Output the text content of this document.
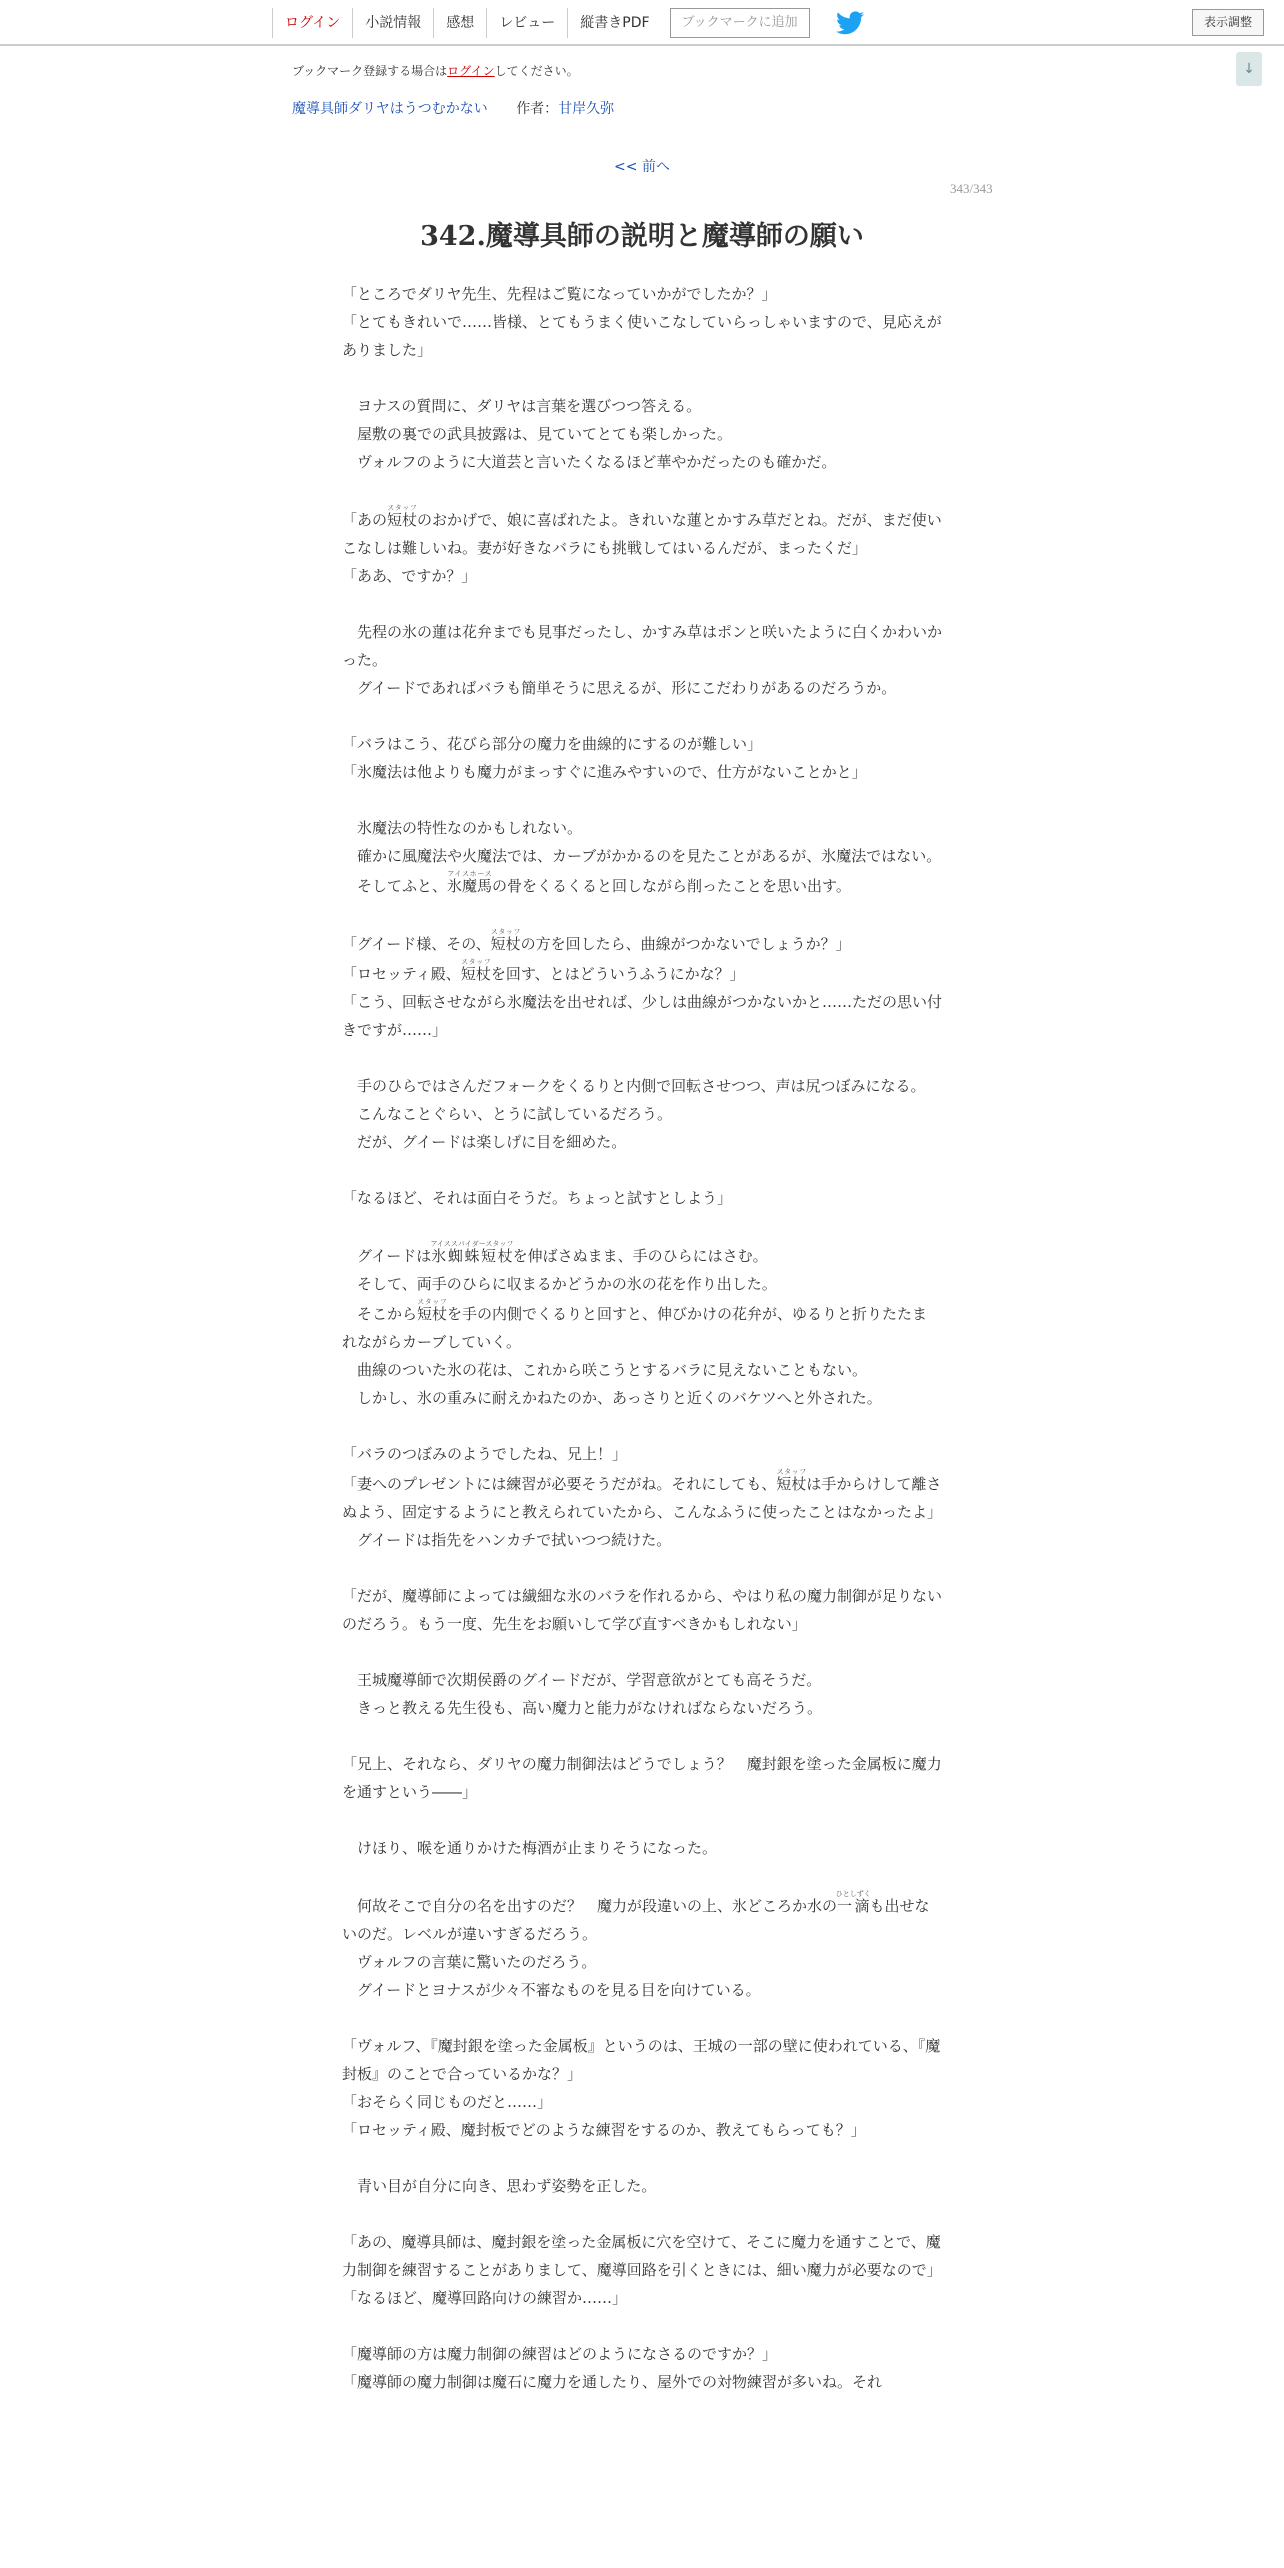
ログイン	小説情報	感想	レビュー	縦書きPDF	ブックマークに追加	表示調整
↓
ブックマーク登録する場合はログインしてください。
魔導具師ダリヤはうつむかない 作者：甘岸久弥
<< 前へ
343/343
342.魔導具師の説明と魔導師の願い

「ところでダリヤ先生、先程はご覧になっていかがでしたか？」

「とてもきれいで……皆様、とてもうまく使いこなしていらっしゃいますので、見応えがありました」

　ヨナスの質問に、ダリヤは言葉を選びつつ答える。

　屋敷の裏での武具披露は、見ていてとても楽しかった。

　ヴォルフのように大道芸と言いたくなるほど華やかだったのも確かだ。

「あの短杖スタッフのおかげで、娘に喜ばれたよ。きれいな蓮とかすみ草だとね。だが、まだ使いこなしは難しいね。妻が好きなバラにも挑戦してはいるんだが、まったくだ」

「ああ、ですか？」

　先程の氷の蓮は花弁までも見事だったし、かすみ草はポンと咲いたように白くかわいかった。

　グイードであればバラも簡単そうに思えるが、形にこだわりがあるのだろうか。

「バラはこう、花びら部分の魔力を曲線的にするのが難しい」

「氷魔法は他よりも魔力がまっすぐに進みやすいので、仕方がないことかと」

　氷魔法の特性なのかもしれない。

　確かに風魔法や火魔法では、カーブがかかるのを見たことがあるが、氷魔法ではない。

　そしてふと、氷魔馬アイスホースの骨をくるくると回しながら削ったことを思い出す。

「グイード様、その、短杖スタッフの方を回したら、曲線がつかないでしょうか？」

「ロセッティ殿、短杖スタッフを回す、とはどういうふうにかな？」

「こう、回転させながら氷魔法を出せれば、少しは曲線がつかないかと……ただの思い付きですが……」

　手のひらではさんだフォークをくるりと内側で回転させつつ、声は尻つぼみになる。

　こんなことぐらい、とうに試しているだろう。

　だが、グイードは楽しげに目を細めた。

「なるほど、それは面白そうだ。ちょっと試すとしよう」

　グイードは氷蜘蛛短杖アイススパイダースタッフを伸ばさぬまま、手のひらにはさむ。

　そして、両手のひらに収まるかどうかの氷の花を作り出した。

　そこから短杖スタッフを手の内側でくるりと回すと、伸びかけの花弁が、ゆるりと折りたたまれながらカーブしていく。

　曲線のついた氷の花は、これから咲こうとするバラに見えないこともない。

　しかし、氷の重みに耐えかねたのか、あっさりと近くのバケツへと外された。

「バラのつぼみのようでしたね、兄上！」

「妻へのプレゼントには練習が必要そうだがね。それにしても、短杖スタッフは手からけして離さぬよう、固定するようにと教えられていたから、こんなふうに使ったことはなかったよ」

　グイードは指先をハンカチで拭いつつ続けた。

「だが、魔導師によっては繊細な氷のバラを作れるから、やはり私の魔力制御が足りないのだろう。もう一度、先生をお願いして学び直すべきかもしれない」

　王城魔導師で次期侯爵のグイードだが、学習意欲がとても高そうだ。

　きっと教える先生役も、高い魔力と能力がなければならないだろう。

「兄上、それなら、ダリヤの魔力制御法はどうでしょう？　魔封銀を塗った金属板に魔力を通すという――」

　けほり、喉を通りかけた梅酒が止まりそうになった。

　何故そこで自分の名を出すのだ？　魔力が段違いの上、氷どころか水の一滴ひとしずくも出せないのだ。レベルが違いすぎるだろう。

　ヴォルフの言葉に驚いたのだろう。

　グイードとヨナスが少々不審なものを見る目を向けている。

「ヴォルフ、『魔封銀を塗った金属板』というのは、王城の一部の壁に使われている、『魔封板』のことで合っているかな？」

「おそらく同じものだと……」

「ロセッティ殿、魔封板でどのような練習をするのか、教えてもらっても？」

　青い目が自分に向き、思わず姿勢を正した。

「あの、魔導具師は、魔封銀を塗った金属板に穴を空けて、そこに魔力を通すことで、魔力制御を練習することがありまして、魔導回路を引くときには、細い魔力が必要なので」

「なるほど、魔導回路向けの練習か……」

「魔導師の方は魔力制御の練習はどのようになさるのですか？」

「魔導師の魔力制御は魔石に魔力を通したり、屋外での対物練習が多いね。それ
